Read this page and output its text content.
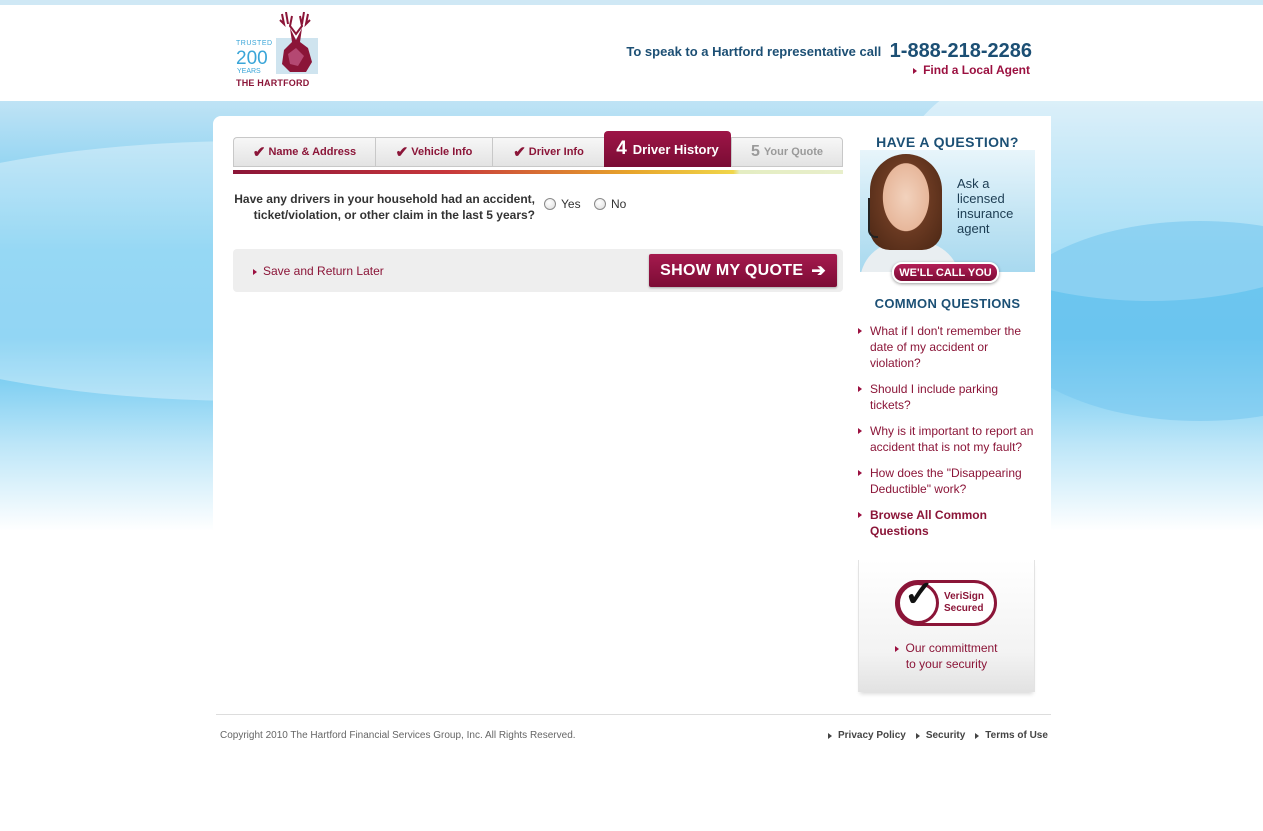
TRUSTED
200
YEARS
THE HARTFORD
To speak to a Hartford representative call 1-888-218-2286
Find a Local Agent
✔ Name & Address	✔ Vehicle Info	✔ Driver Info 4 Driver History 5 Your Quote
Have any drivers in your household had an accident,
ticket/violation, or other claim in the last 5 years?
Yes	No
Save and Return Later	SHOW MY QUOTE ➔
HAVE A QUESTION?
Ask a
licensed
insurance
agent
WE'LL CALL YOU
COMMON QUESTIONS
What if I don't remember the date of my accident or violation?
Should I include parking tickets?
Why is it important to report an accident that is not my fault?
How does the "Disappearing Deductible" work?
Browse All Common Questions
✓ VeriSign
Secured
Our committment
to your security
Copyright 2010 The Hartford Financial Services Group, Inc. All Rights Reserved.	Privacy Policy Security Terms of Use
